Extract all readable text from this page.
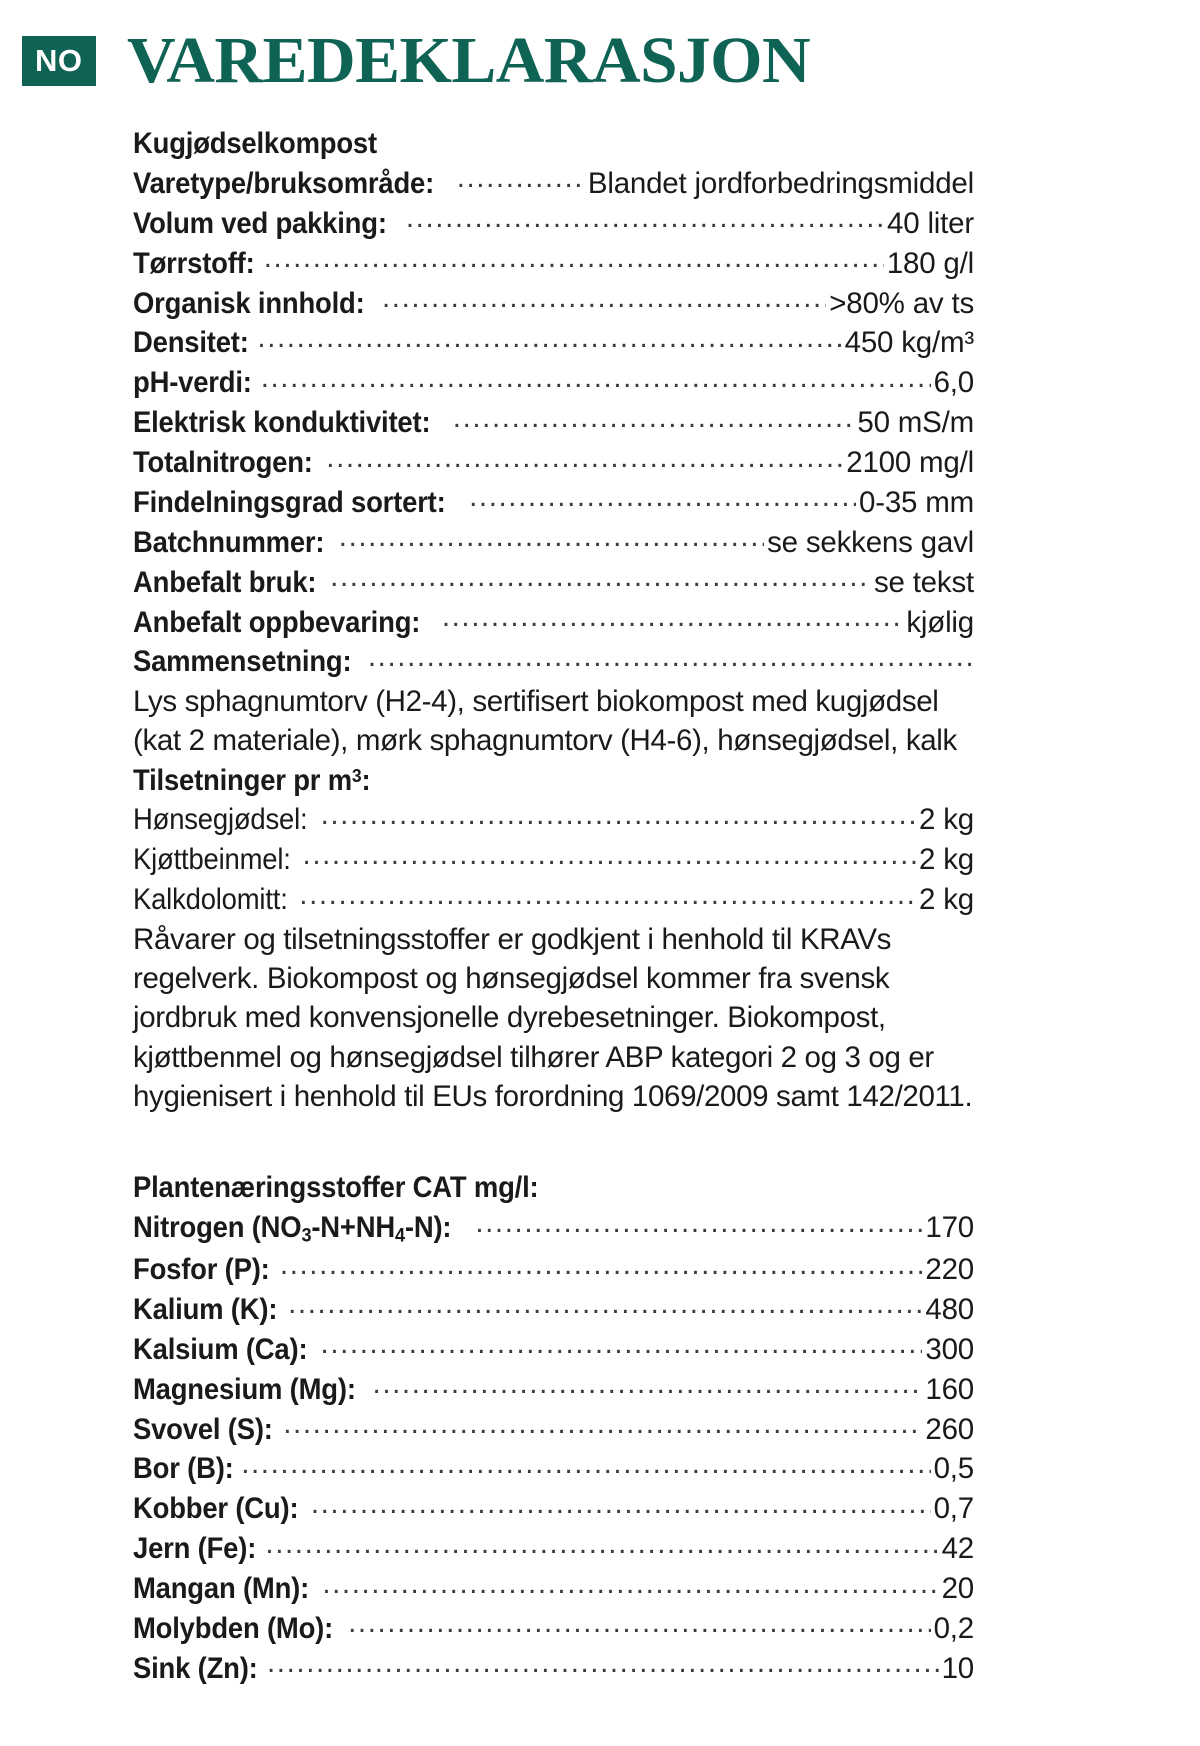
NO VAREDEKLARASJON
Kugjødselkompost
Varetype/bruksområde: .....	Blandet jordforbedringsmiddel
Volum ved pakking: .....	40 liter
Tørrstoff: .....	180 g/l
Organisk innhold: .....	>80% av ts
Densitet: .....	450 kg/m³
pH-verdi: .....	6,0
Elektrisk konduktivitet: .....	50 mS/m
Totalnitrogen: .....	2100 mg/l
Findelningsgrad sortert: .....	0-35 mm
Batchnummer: .....	se sekkens gavl
Anbefalt bruk: .....	se tekst
Anbefalt oppbevaring: .....	kjølig
Sammensetning:
.....
Lys sphagnumtorv (H2-4), sertifisert biokompost med kugjødsel (kat 2 materiale), mørk sphagnumtorv (H4-6), hønsegjødsel, kalk
Tilsetninger pr $m^3$:
Hønsegjødsel: .....	2 kg
Kjøttbeinmel: .....	2 kg
Kalkdolomitt: .....	2 kg
Råvarer og tilsetningsstoffer er godkjent i henhold til KRAVs regelverk. Biokompost og hønsegjødsel kommer fra svensk jordbruk med konvensjonelle dyrebesetninger. Biokompost, kjøttbenmel og hønsegjødsel tilhører ABP kategori 2 og 3 og er hygienisert i henhold til EUs forordning 1069/2009 samt 142/2011.
Plantenæringsstoffer CAT mg/l:
Nitrogen $(NO_3-N+NH_4-N)$: .....	170
Fosfor (P): .....	220
Kalium (K): .....	480
Kalsium (Ca): .....	300
Magnesium (Mg): .....	160
Svovel (S): .....	260
Bor (B): .....	0,5
Kobber (Cu): .....	0,7
Jern (Fe): .....	42
Mangan (Mn): .....	20
Molybden (Mo): .....	0,2
Sink (Zn): .....	10
